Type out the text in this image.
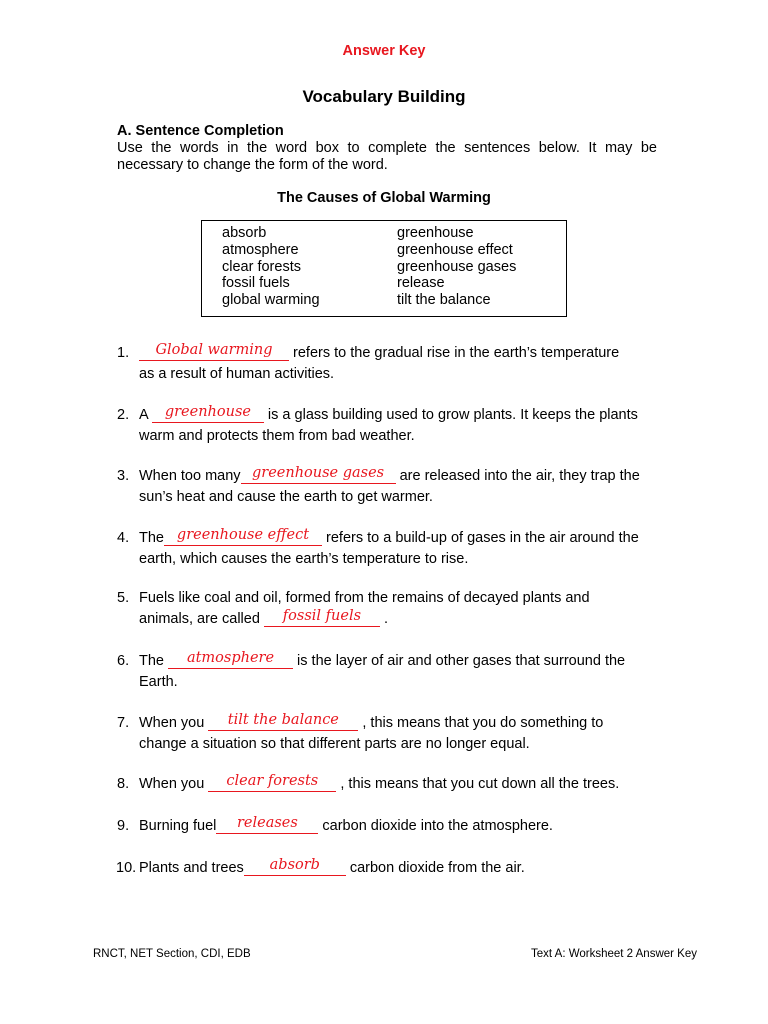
Answer Key
Vocabulary Building
A. Sentence Completion
Use the words in the word box to complete the sentences below. It may be necessary to change the form of the word.
The Causes of Global Warming
absorb
atmosphere
clear forests
fossil fuels
global warming
greenhouse
greenhouse effect
greenhouse gases
release
tilt the balance
1.	Global warming refers to the gradual rise in the earth’s temperature
as a result of human activities.
2. A greenhouse is a glass building used to grow plants. It keeps the plants
warm and protects them from bad weather.
3. When too many greenhouse gases are released into the air, they trap the
sun’s heat and cause the earth to get warmer.
4. The greenhouse effect refers to a build-up of gases in the air around the
earth, which causes the earth’s temperature to rise.
5. Fuels like coal and oil, formed from the remains of decayed plants and
animals, are called fossil fuels .
6. The atmosphere is the layer of air and other gases that surround the
Earth.
7. When you tilt the balance , this means that you do something to
change a situation so that different parts are no longer equal.
8. When you clear forests , this means that you cut down all the trees.
9. Burning fuel releases carbon dioxide into the atmosphere.
10. Plants and trees absorb carbon dioxide from the air.
RNCT, NET Section, CDI, EDB	Text A: Worksheet 2 Answer Key
